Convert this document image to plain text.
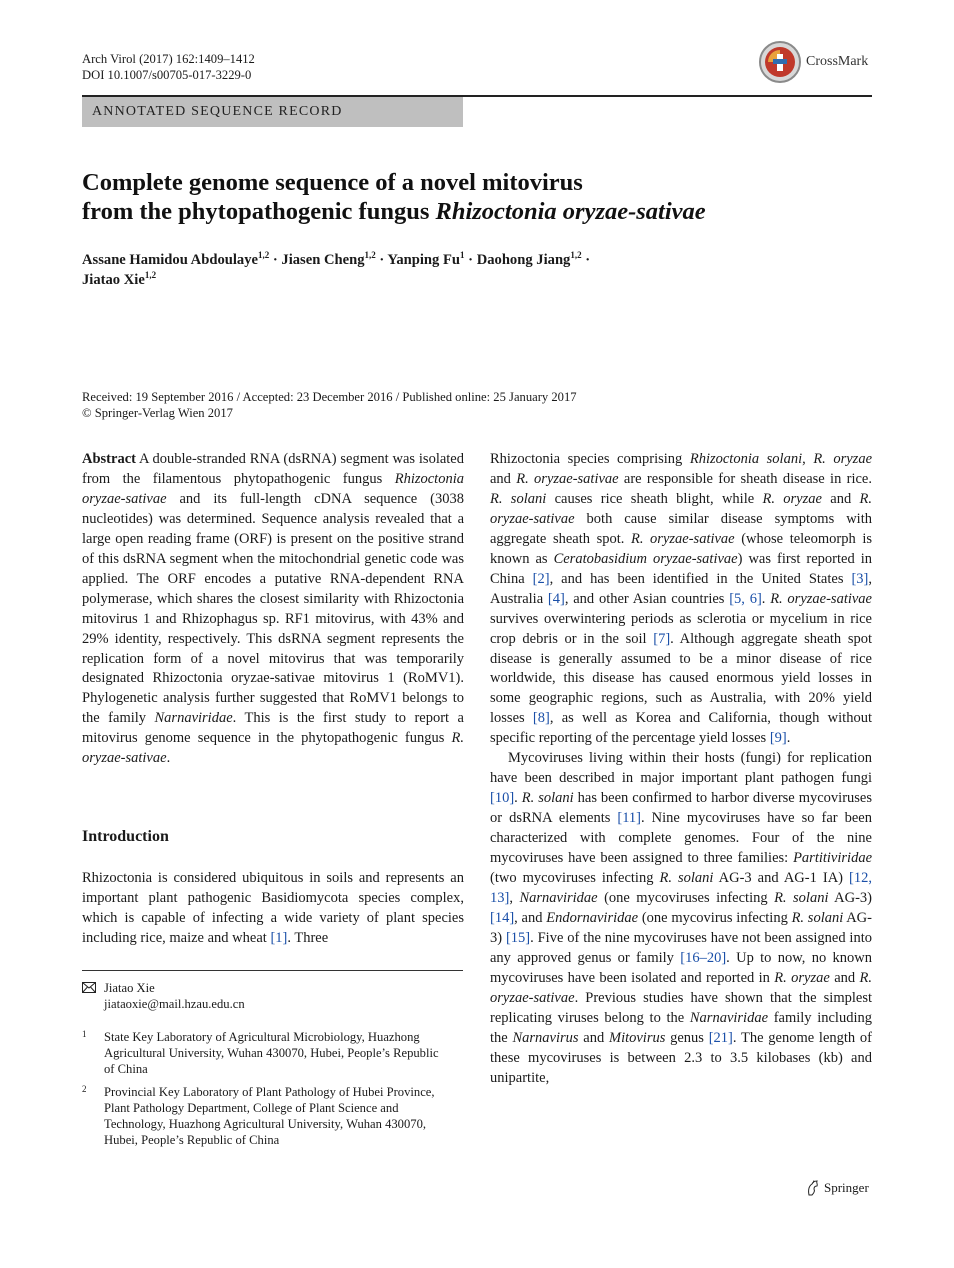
Arch Virol (2017) 162:1409–1412
DOI 10.1007/s00705-017-3229-0
CrossMark
ANNOTATED SEQUENCE RECORD
Complete genome sequence of a novel mitovirus
from the phytopathogenic fungus Rhizoctonia oryzae-sativae
Assane Hamidou Abdoulaye$^{1,2}$ · Jiasen Cheng$^{1,2}$ · Yanping $Fu^1$ · Daohong Jiang$^{1,2}$ ·
Jiatao Xie$^{1,2}$
Received: 19 September 2016 / Accepted: 23 December 2016 / Published online: 25 January 2017
© Springer-Verlag Wien 2017

Abstract A double-stranded RNA (dsRNA) segment was isolated from the filamentous phytopathogenic fungus Rhizoctonia oryzae-sativae and its full-length cDNA sequence (3038 nucleotides) was determined. Sequence analysis revealed that a large open reading frame (ORF) is present on the positive strand of this dsRNA segment when the mitochondrial genetic code was applied. The ORF encodes a putative RNA-dependent RNA polymerase, which shares the closest similarity with Rhizoctonia mitovirus 1 and Rhizophagus sp. RF1 mitovirus, with 43% and 29% identity, respectively. This dsRNA segment represents the replication form of a novel mitovirus that was temporarily designated Rhizoctonia oryzae-sativae mitovirus 1 (RoMV1). Phylogenetic analysis further suggested that RoMV1 belongs to the family Narnaviridae. This is the first study to report a mitovirus genome sequence in the phytopathogenic fungus R. oryzae-sativae.

Introduction

Rhizoctonia is considered ubiquitous in soils and represents an important plant pathogenic Basidiomycota species complex, which is capable of infecting a wide variety of plant species including rice, maize and wheat [1]. Three

Rhizoctonia species comprising Rhizoctonia solani, R. oryzae and R. oryzae-sativae are responsible for sheath disease in rice. R. solani causes rice sheath blight, while R. oryzae and R. oryzae-sativae both cause similar disease symptoms with aggregate sheath spot. R. oryzae-sativae (whose teleomorph is known as Ceratobasidium oryzae-sativae) was first reported in China [2], and has been identified in the United States [3], Australia [4], and other Asian countries [5, 6]. R. oryzae-sativae survives overwintering periods as sclerotia or mycelium in rice crop debris or in the soil [7]. Although aggregate sheath spot disease is generally assumed to be a minor disease of rice worldwide, this disease has caused enormous yield losses in some geographic regions, such as Australia, with 20% yield losses [8], as well as Korea and California, though without specific reporting of the percentage yield losses [9].

Mycoviruses living within their hosts (fungi) for replication have been described in major important plant pathogen fungi [10]. R. solani has been confirmed to harbor diverse mycoviruses or dsRNA elements [11]. Nine mycoviruses have so far been characterized with complete genomes. Four of the nine mycoviruses have been assigned to three families: Partitiviridae (two mycoviruses infecting R. solani AG-3 and AG-1 IA) [12, 13], Narnaviridae (one mycoviruses infecting R. solani AG-3) [14], and Endornaviridae (one mycovirus infecting R. solani AG-3) [15]. Five of the nine mycoviruses have not been assigned into any approved genus or family [16–20]. Up to now, no known mycoviruses have been isolated and reported in R. oryzae and R. oryzae-sativae. Previous studies have shown that the simplest replicating viruses belong to the Narnaviridae family including the Narnavirus and Mitovirus genus [21]. The genome length of these mycoviruses is between 2.3 to 3.5 kilobases (kb) and unipartite,

Jiatao Xie
jiataoxie@mail.hzau.edu.cn
1 State Key Laboratory of Agricultural Microbiology, Huazhong Agricultural University, Wuhan 430070, Hubei, People’s Republic of China
2 Provincial Key Laboratory of Plant Pathology of Hubei Province, Plant Pathology Department, College of Plant Science and Technology, Huazhong Agricultural University, Wuhan 430070, Hubei, People’s Republic of China
Springer
